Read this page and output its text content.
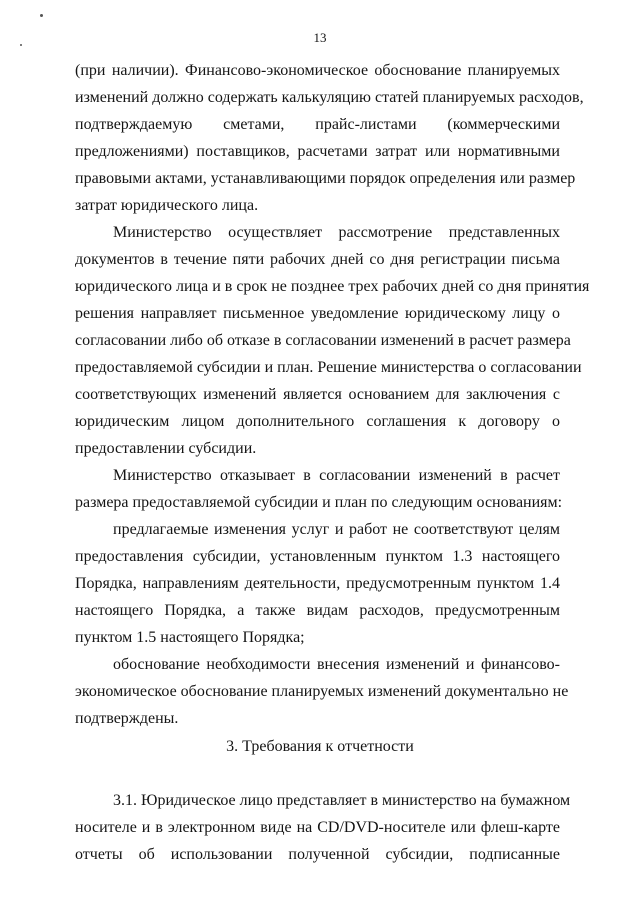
13
(при наличии). Финансово-экономическое обоснование планируемых
изменений должно содержать калькуляцию статей планируемых расходов,
подтверждаемую сметами, прайс-листами (коммерческими
предложениями) поставщиков, расчетами затрат или нормативными
правовыми актами, устанавливающими порядок определения или размер
затрат юридического лица.
Министерство осуществляет рассмотрение представленных
документов в течение пяти рабочих дней со дня регистрации письма
юридического лица и в срок не позднее трех рабочих дней со дня принятия
решения направляет письменное уведомление юридическому лицу о
согласовании либо об отказе в согласовании изменений в расчет размера
предоставляемой субсидии и план. Решение министерства о согласовании
соответствующих изменений является основанием для заключения с
юридическим лицом дополнительного соглашения к договору о
предоставлении субсидии.
Министерство отказывает в согласовании изменений в расчет
размера предоставляемой субсидии и план по следующим основаниям:
предлагаемые изменения услуг и работ не соответствуют целям
предоставления субсидии, установленным пунктом 1.3 настоящего
Порядка, направлениям деятельности, предусмотренным пунктом 1.4
настоящего Порядка, а также видам расходов, предусмотренным
пунктом 1.5 настоящего Порядка;
обоснование необходимости внесения изменений и финансово-
экономическое обоснование планируемых изменений документально не
подтверждены.
3. Требования к отчетности
3.1. Юридическое лицо представляет в министерство на бумажном
носителе и в электронном виде на CD/DVD-носителе или флеш-карте
отчеты об использовании полученной субсидии, подписанные
